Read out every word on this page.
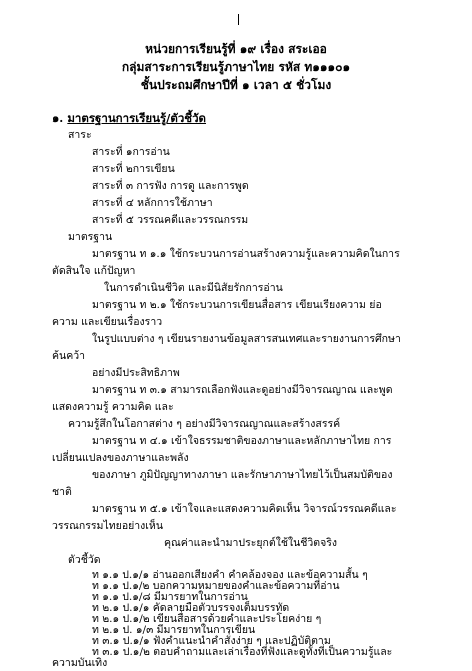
หน่วยการเรียนรู้ที่ ๑๙ เรื่อง สระเออ
กลุ่มสาระการเรียนรู้ภาษาไทย รหัส ท๑๑๑๐๑
ชั้นประถมศึกษาปีที่ ๑ เวลา ๕ ชั่วโมง
๑. มาตรฐานการเรียนรู้/ตัวชี้วัด
สาระ
สาระที่ ๑การอ่าน
สาระที่ ๒การเขียน
สาระที่ ๓ การฟัง การดู และการพูด
สาระที่ ๔ หลักการใช้ภาษา
สาระที่ ๕ วรรณคดีและวรรณกรรม
มาตรฐาน
มาตรฐาน ท ๑.๑ ใช้กระบวนการอ่านสร้างความรู้และความคิดในการ
ตัดสินใจ แก้ปัญหา
ในการดำเนินชีวิต และมีนิสัยรักการอ่าน
มาตรฐาน ท ๒.๑ ใช้กระบวนการเขียนสื่อสาร เขียนเรียงความ ย่อ
ความ และเขียนเรื่องราว
ในรูปแบบต่าง ๆ เขียนรายงานข้อมูลสารสนเทศและรายงานการศึกษา
ค้นคว้า
อย่างมีประสิทธิภาพ
มาตรฐาน ท ๓.๑ สามารถเลือกฟังและดูอย่างมีวิจารณญาณ และพูด
แสดงความรู้ ความคิด และ
ความรู้สึกในโอกาสต่าง ๆ อย่างมีวิจารณญาณและสร้างสรรค์
มาตรฐาน ท ๔.๑ เข้าใจธรรมชาติของภาษาและหลักภาษาไทย การ
เปลี่ยนแปลงของภาษาและพลัง
ของภาษา ภูมิปัญญาทางภาษา และรักษาภาษาไทยไว้เป็นสมบัติของ
ชาติ
มาตรฐาน ท ๕.๑ เข้าใจและแสดงความคิดเห็น วิจารณ์วรรณคดีและ
วรรณกรรมไทยอย่างเห็น
คุณค่าและนำมาประยุกต์ใช้ในชีวิตจริง
ตัวชี้วัด
ท ๑.๑ ป.๑/๑ อ่านออกเสียงคำ คำคล้องจอง และข้อความสั้น ๆ
ท ๑.๑ ป.๑/๒ บอกความหมายของคำและข้อความที่อ่าน
ท ๑.๑ ป.๑/๘ มีมารยาทในการอ่าน
ท ๒.๑ ป.๑/๑ คัดลายมือตัวบรรจงเต็มบรรทัด
ท ๒.๑ ป.๑/๒ เขียนสื่อสารด้วยคำและประโยคง่าย ๆ
ท ๒.๑ ป. ๑/๓ มีมารยาทในการเขียน
ท ๓.๑ ป.๑/๑ ฟังคำแนะนำคำสั่งง่าย ๆ และปฏิบัติตาม
ท ๓.๑ ป.๑/๒ ตอบคำถามและเล่าเรื่องที่ฟังและดูทั้งที่เป็นความรู้และ
ความบันเทิง
